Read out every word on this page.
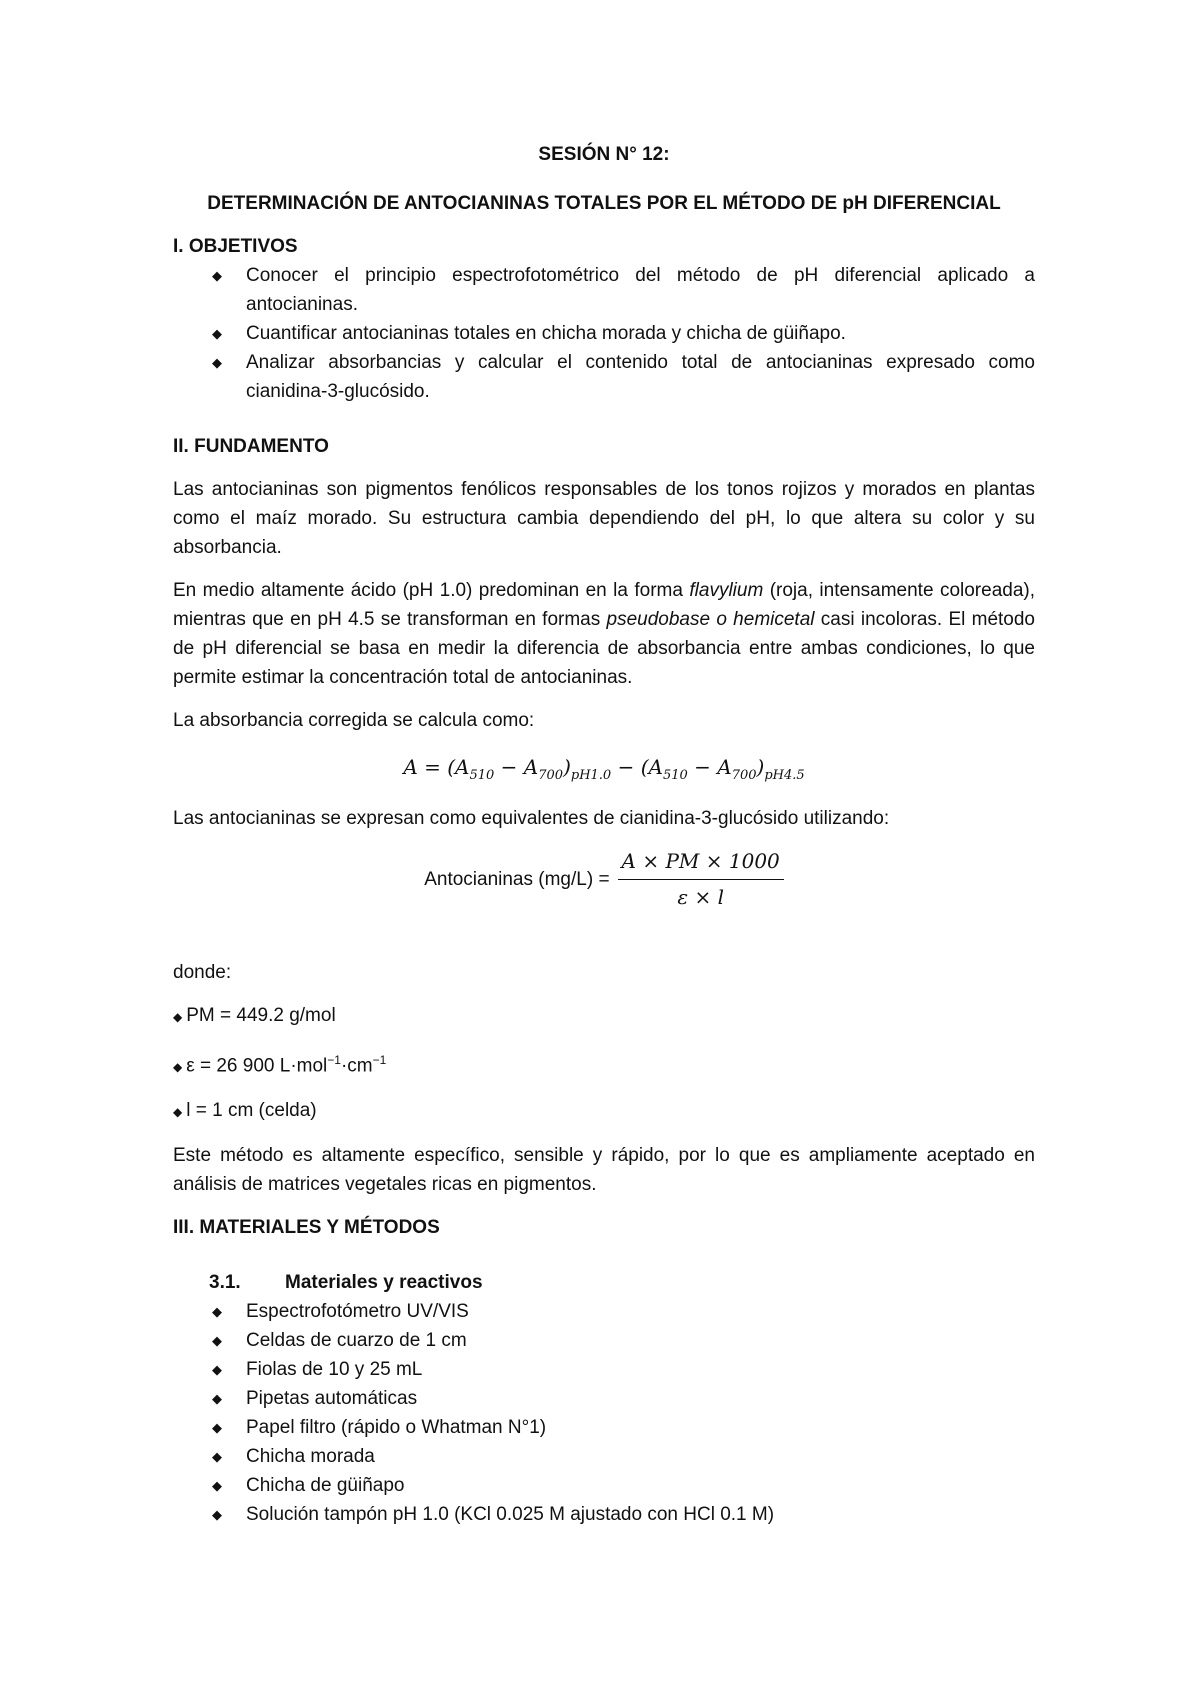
SESIÓN N° 12:
DETERMINACIÓN DE ANTOCIANINAS TOTALES POR EL MÉTODO DE pH DIFERENCIAL
I. OBJETIVOS
◆ Conocer el principio espectrofotométrico del método de pH diferencial aplicado a antocianinas.
◆ Cuantificar antocianinas totales en chicha morada y chicha de güiñapo.
◆ Analizar absorbancias y calcular el contenido total de antocianinas expresado como cianidina-3-glucósido.
II. FUNDAMENTO

Las antocianinas son pigmentos fenólicos responsables de los tonos rojizos y morados en plantas como el maíz morado. Su estructura cambia dependiendo del pH, lo que altera su color y su absorbancia.

En medio altamente ácido (pH 1.0) predominan en la forma flavylium (roja, intensamente coloreada), mientras que en pH 4.5 se transforman en formas pseudobase o hemicetal casi incoloras. El método de pH diferencial se basa en medir la diferencia de absorbancia entre ambas condiciones, lo que permite estimar la concentración total de antocianinas.

La absorbancia corregida se calcula como:

$A = (A_{510} - A_{700})_{pH1.0} - (A_{510} - A_{700})_{pH4.5}$

Las antocianinas se expresan como equivalentes de cianidina-3-glucósido utilizando:

Antocianinas $(mg/L) = \frac{A \times PM \times 1000}{\varepsilon \times l}$

donde:

◆ PM = 449.2 g/mol
◆ ε = 26 900 $L\cdot mol^{-1}\cdot cm^{-1}$
◆ l = 1 cm (celda)

Este método es altamente específico, sensible y rápido, por lo que es ampliamente aceptado en análisis de matrices vegetales ricas en pigmentos.

III. MATERIALES Y MÉTODOS
3.1. Materiales y reactivos
◆ Espectrofotómetro UV/VIS
◆ Celdas de cuarzo de 1 cm
◆ Fiolas de 10 y 25 mL
◆ Pipetas automáticas
◆ Papel filtro (rápido o Whatman N°1)
◆ Chicha morada
◆ Chicha de güiñapo
◆ Solución tampón pH 1.0 (KCl 0.025 M ajustado con HCl 0.1 M)
